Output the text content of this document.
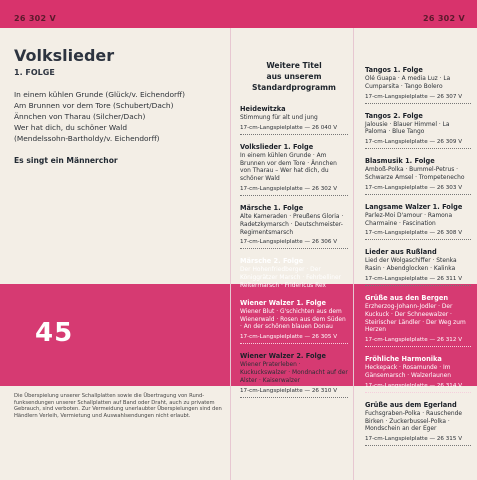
26 302 V	26 302 V
Volkslieder
1. FOLGE
In einem kühlen Grunde (Glück/v. Eichendorff)
Am Brunnen vor dem Tore (Schubert/Dach)
Ännchen von Tharau (Silcher/Dach)
Wer hat dich, du schöner Wald
(Mendelssohn-Bartholdy/v. Eichendorff)
Es singt ein Männerchor
45
Die Überspielung unserer Schallplatten sowie die Übertragung von Rund-funksendungen unserer Schallplatten auf Band oder Draht, auch zu privatem Gebrauch, sind verboten. Zur Vermeidung unerlaubter Überspielungen sind den Händlern Verleih, Vermietung und Auswahlsendungen nicht erlaubt.
Weitere Titel
aus unserem
Standardprogramm
Heidewitzka
Stimmung für alt und jung
17-cm-Langspielplatte — 26 040 V
Volkslieder 1. Folge
In einem kühlen Grunde · Am Brunnen vor dem Tore · Ännchen von Tharau – Wer hat dich, du schöner Wald
17-cm-Langspielplatte — 26 302 V
Märsche 1. Folge
Alte Kameraden · Preußens Gloria · Radetzkymarsch · Deutschmeister-Regimentsmarsch
17-cm-Langspielplatte — 26 306 V
Märsche 2. Folge
Der Hohenfriedberger · Der Königgrätzer Marsch · Fehrbelliner Reitermarsch · Fridericus Rex
Wiener Walzer 1. Folge
Wiener Blut · G'schichten aus dem Wienerwald · Rosen aus dem Süden · An der schönen blauen Donau
17-cm-Langspielplatte — 26 305 V
Wiener Walzer 2. Folge
Wiener Praterleben · Kuckuckswalzer · Mondnacht auf der Alster · Kaiserwalzer
17-cm-Langspielplatte — 26 310 V
Tangos 1. Folge
Olé Guapa · A media Luz · La Cumparsita · Tango Bolero
17-cm-Langspielplatte — 26 307 V
Tangos 2. Folge
Jalousie · Blauer Himmel · La Paloma · Blue Tango
17-cm-Langspielplatte — 26 309 V
Blasmusik 1. Folge
Amboß-Polka · Bummel-Petrus · Schwarze Amsel · Trompetenecho
17-cm-Langspielplatte — 26 303 V
Langsame Walzer 1. Folge
Parlez-Moi D'amour · Ramona Charmaine · Fascination
17-cm-Langspielplatte — 26 308 V
Lieder aus Rußland
Lied der Wolgaschiffer · Stenka Rasin · Abendglocken · Kalinka
17-cm-Langspielplatte — 26 311 V
Grüße aus den Bergen
Erzherzog-Johann-Jodler · Der Kuckuck · Der Schneewalzer · Steirischer Ländler · Der Weg zum Herzen
17-cm-Langspielplatte — 26 312 V
Fröhliche Harmonika
Heckepack · Rosamunde · Im Gänsemarsch · Walzerlaunen
17-cm-Langspielplatte — 26 314 V
Grüße aus dem Egerland
Fuchsgraben-Polka · Rauschende Birken · Zuckerbussel-Polka · Mondschein an der Eger
17-cm-Langspielplatte — 26 315 V
